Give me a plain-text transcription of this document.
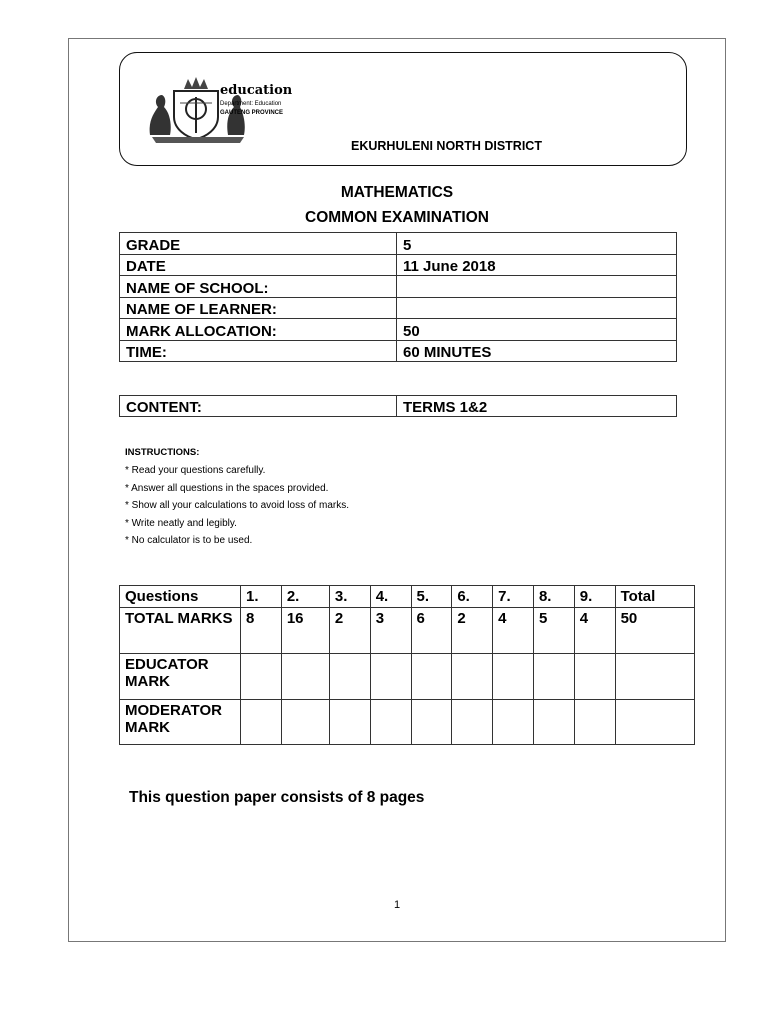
education
Department: Education
GAUTENG PROVINCE
EKURHULENI NORTH DISTRICT
MATHEMATICS
COMMON EXAMINATION
GRADE	5
DATE	11 June 2018
NAME OF SCHOOL:	
NAME OF LEARNER:	
MARK ALLOCATION:	50
TIME:	60 MINUTES
CONTENT:	TERMS 1&2
INSTRUCTIONS:
* Read your questions carefully.
* Answer all questions in the spaces provided.
* Show all your calculations to avoid loss of marks.
* Write neatly and legibly.
* No calculator is to be used.
Questions	1.	2.	3.	4.	5.	6.	7.	8.	9.	Total
TOTAL MARKS	8	16	2	3	6	2	4	5	4	50
EDUCATOR MARK										
MODERATOR MARK										
This question paper consists of 8 pages
1
